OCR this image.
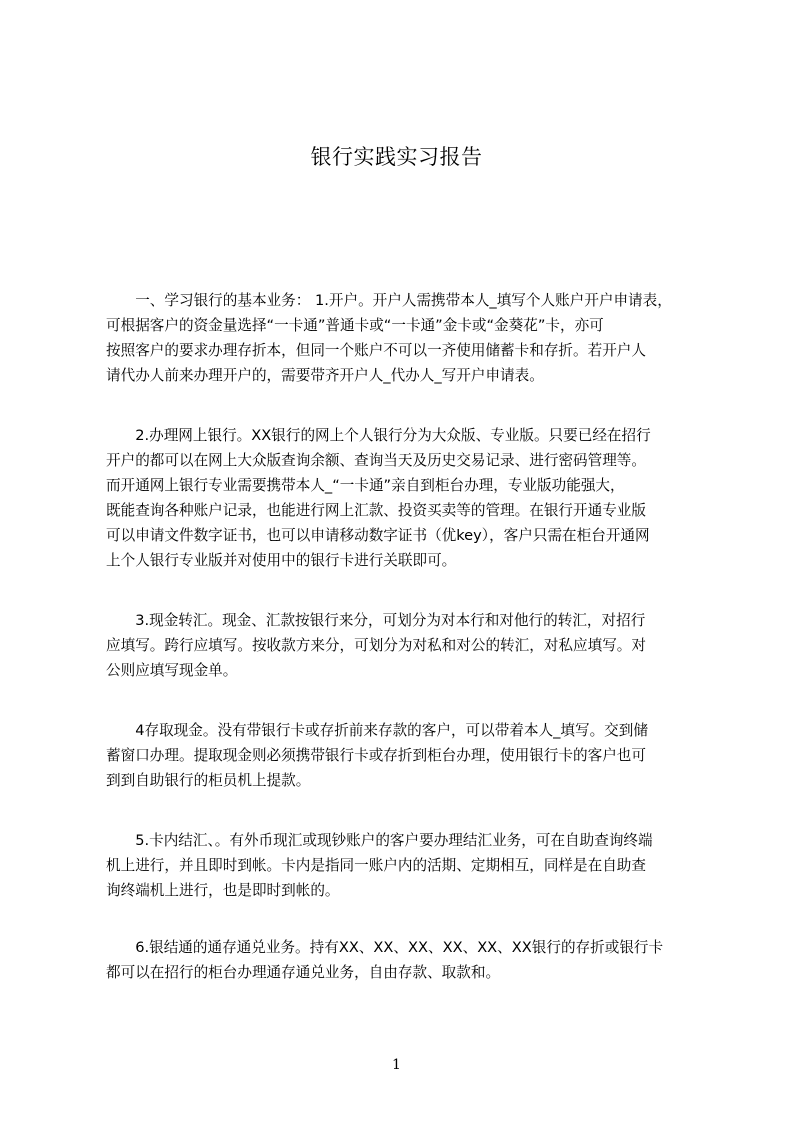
银行实践实习报告
　　一、学习银行的基本业务： 1.开户。开户人需携带本人_填写个人账户开户申请表，
可根据客户的资金量选择“一卡通”普通卡或“一卡通”金卡或“金葵花”卡，亦可
按照客户的要求办理存折本，但同一个账户不可以一齐使用储蓄卡和存折。若开户人
请代办人前来办理开户的，需要带齐开户人_代办人_写开户申请表。
　　2.办理网上银行。XX银行的网上个人银行分为大众版、专业版。只要已经在招行
开户的都可以在网上大众版查询余额、查询当天及历史交易记录、进行密码管理等。
而开通网上银行专业需要携带本人_“一卡通”亲自到柜台办理，专业版功能强大，
既能查询各种账户记录，也能进行网上汇款、投资买卖等的管理。在银行开通专业版
可以申请文件数字证书，也可以申请移动数字证书（优key），客户只需在柜台开通网
上个人银行专业版并对使用中的银行卡进行关联即可。
　　3.现金转汇。现金、汇款按银行来分，可划分为对本行和对他行的转汇，对招行
应填写。跨行应填写。按收款方来分，可划分为对私和对公的转汇，对私应填写。对
公则应填写现金单。
　　4存取现金。没有带银行卡或存折前来存款的客户，可以带着本人_填写。交到储
蓄窗口办理。提取现金则必须携带银行卡或存折到柜台办理，使用银行卡的客户也可
到到自助银行的柜员机上提款。
　　5.卡内结汇、。有外币现汇或现钞账户的客户要办理结汇业务，可在自助查询终端
机上进行，并且即时到帐。卡内是指同一账户内的活期、定期相互，同样是在自助查
询终端机上进行，也是即时到帐的。
　　6.银结通的通存通兑业务。持有XX、XX、XX、XX、XX、XX银行的存折或银行卡
都可以在招行的柜台办理通存通兑业务，自由存款、取款和。
1
